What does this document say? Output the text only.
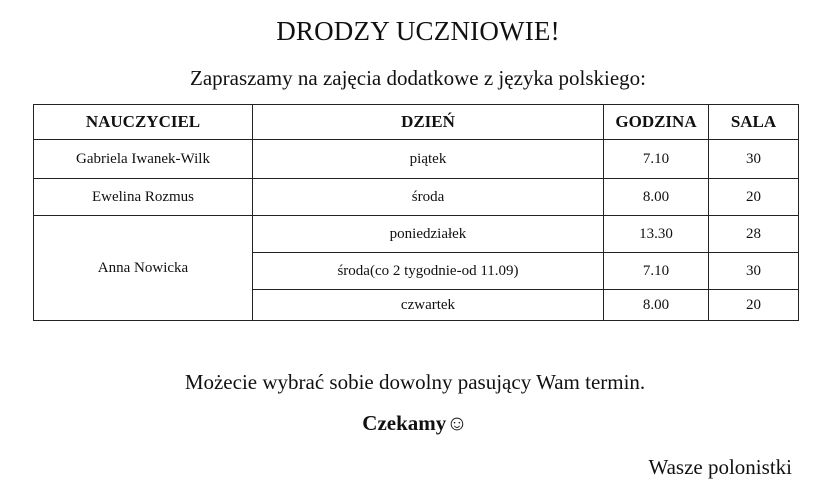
DRODZY UCZNIOWIE!
Zapraszamy na zajęcia dodatkowe z języka polskiego:
NAUCZYCIEL	DZIEŃ	GODZINA	SALA
Gabriela Iwanek-Wilk	piątek	7.10	30
Ewelina Rozmus	środa	8.00	20
Anna Nowicka	poniedziałek	13.30	28
	środa(co 2 tygodnie-od 11.09)	7.10	30
	czwartek	8.00	20
Możecie wybrać sobie dowolny pasujący Wam termin.
Czekamy☺
Wasze polonistki
